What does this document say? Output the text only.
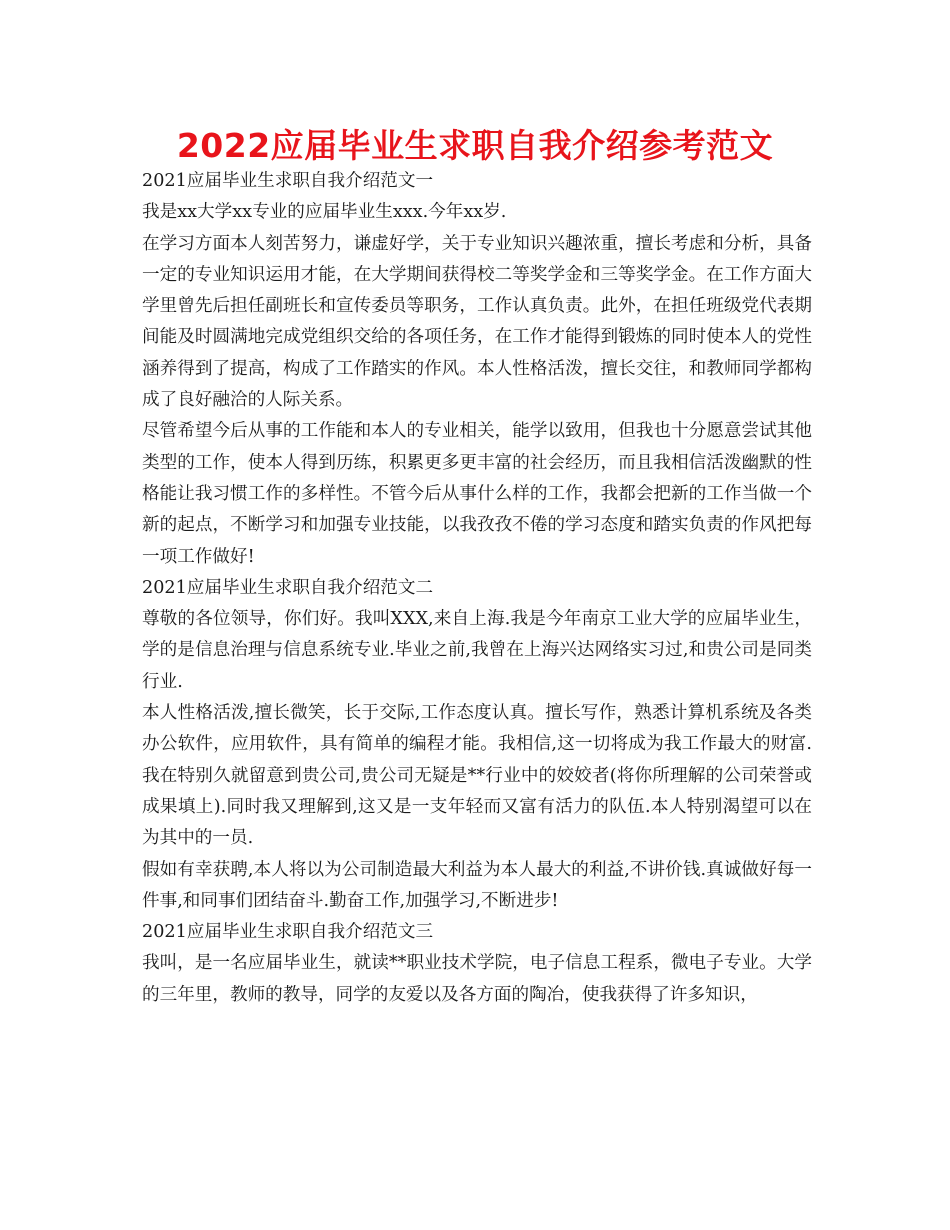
2022应届毕业生求职自我介绍参考范文

2021应届毕业生求职自我介绍范文一

我是xx大学xx专业的应届毕业生xxx.今年xx岁.

在学习方面本人刻苦努力，谦虚好学，关于专业知识兴趣浓重，擅长考虑和分析，具备一定的专业知识运用才能，在大学期间获得校二等奖学金和三等奖学金。在工作方面大学里曾先后担任副班长和宣传委员等职务，工作认真负责。此外，在担任班级党代表期间能及时圆满地完成党组织交给的各项任务，在工作才能得到锻炼的同时使本人的党性涵养得到了提高，构成了工作踏实的作风。本人性格活泼，擅长交往，和教师同学都构成了良好融洽的人际关系。

尽管希望今后从事的工作能和本人的专业相关，能学以致用，但我也十分愿意尝试其他类型的工作，使本人得到历练，积累更多更丰富的社会经历，而且我相信活泼幽默的性格能让我习惯工作的多样性。不管今后从事什么样的工作，我都会把新的工作当做一个新的起点，不断学习和加强专业技能，以我孜孜不倦的学习态度和踏实负责的作风把每一项工作做好!

2021应届毕业生求职自我介绍范文二

尊敬的各位领导，你们好。我叫XXX,来自上海.我是今年南京工业大学的应届毕业生，学的是信息治理与信息系统专业.毕业之前,我曾在上海兴达网络实习过,和贵公司是同类行业.

本人性格活泼,擅长微笑，长于交际,工作态度认真。擅长写作，熟悉计算机系统及各类办公软件，应用软件，具有简单的编程才能。我相信,这一切将成为我工作最大的财富.我在特别久就留意到贵公司,贵公司无疑是**行业中的姣姣者(将你所理解的公司荣誉或成果填上).同时我又理解到,这又是一支年轻而又富有活力的队伍.本人特别渴望可以在为其中的一员.

假如有幸获聘,本人将以为公司制造最大利益为本人最大的利益,不讲价钱.真诚做好每一件事,和同事们团结奋斗.勤奋工作,加强学习,不断进步!

2021应届毕业生求职自我介绍范文三

我叫，是一名应届毕业生，就读**职业技术学院，电子信息工程系，微电子专业。大学的三年里，教师的教导，同学的友爱以及各方面的陶冶，使我获得了许多知识，
